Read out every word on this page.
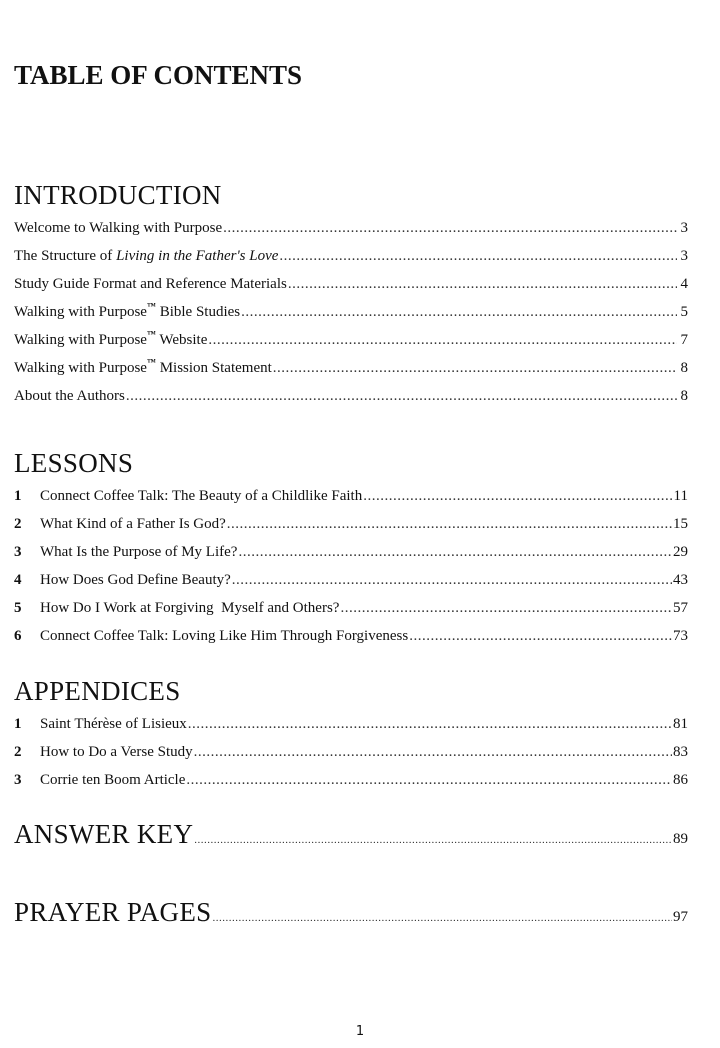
TABLE OF CONTENTS
INTRODUCTION
Welcome to Walking with Purpose .....	3
The Structure of Living in the Father's Love .....	3
Study Guide Format and Reference Materials .....	4
Walking with Purpose™ Bible Studies .....	5
Walking with Purpose™ Website .....	7
Walking with Purpose™ Mission Statement .....	8
About the Authors .....	8
LESSONS
1	Connect Coffee Talk: The Beauty of a Childlike Faith .....	11
2	What Kind of a Father Is God? .....	15
3	What Is the Purpose of My Life? .....	29
4	How Does God Define Beauty? .....	43
5	How Do I Work at Forgiving  Myself and Others? .....	57
6	Connect Coffee Talk: Loving Like Him Through Forgiveness .....	73
APPENDICES
1	Saint Thérèse of Lisieux .....	81
2	How to Do a Verse Study .....	83
3	Corrie ten Boom Article .....	86
ANSWER KEY .....	89
PRAYER PAGES .....	97
1
